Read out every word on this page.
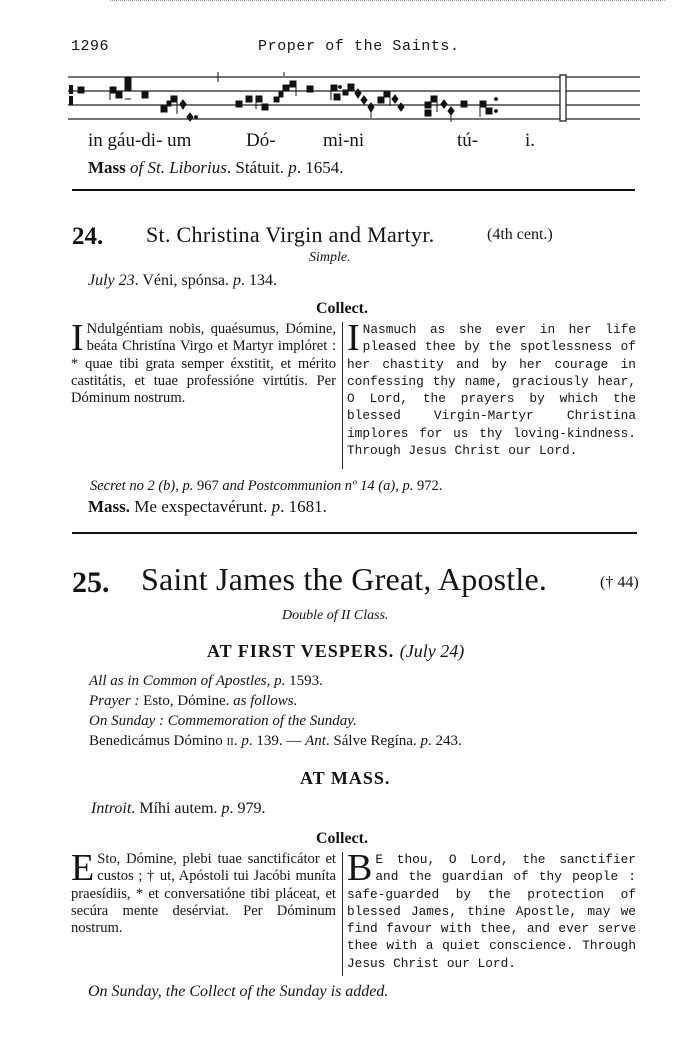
1296	Proper of the Saints.
in gáu-di- um	Dó- mi-ni	tú- i.
Mass of St. Liborius. Státuit. p. 1654.
24. St. Christina Virgin and Martyr.	(4th cent.)
Simple.
July 23. Véni, spónsa. p. 134.
Collect.
I Ndulgéntiam nobis, quaésumus, Dómine, beáta Christína Virgo et Martyr implóret : * quae tibi grata semper éxstitit, et mérito castitátis, et tuae professióne virtútis. Per Dóminum nostrum.
I Nasmuch as she ever in her life pleased thee by the spotlessness of her chastity and by her courage in confessing thy name, graciously hear, O Lord, the prayers by which the blessed Virgin-Martyr Christina implores for us thy loving-kindness. Through Jesus Christ our Lord.
Secret no 2 (b), p. 967 and Postcommunion nº 14 (a), p. 972.
Mass. Me exspectavérunt. p. 1681.
25. Saint James the Great, Apostle.	(† 44)
Double of II Class.
AT FIRST VESPERS. (July 24)
All as in Common of Apostles, p. 1593.
Prayer : Esto, Dómine. as follows.
On Sunday : Commemoration of the Sunday.
Benedicámus Dómino ii. p. 139. — Ant. Sálve Regína. p. 243.
AT MASS.
Introit. Míhi autem. p. 979.
Collect.
E Sto, Dómine, plebi tuae sanctificátor et custos ; † ut, Apóstoli tui Jacóbi muníta praesídiis, * et conversatióne tibi pláceat, et secúra mente desérviat. Per Dóminum nostrum.
B E thou, O Lord, the sanctifier and the guardian of thy people : safe-guarded by the protection of blessed James, thine Apostle, may we find favour with thee, and ever serve thee with a quiet conscience. Through Jesus Christ our Lord.
On Sunday, the Collect of the Sunday is added.
